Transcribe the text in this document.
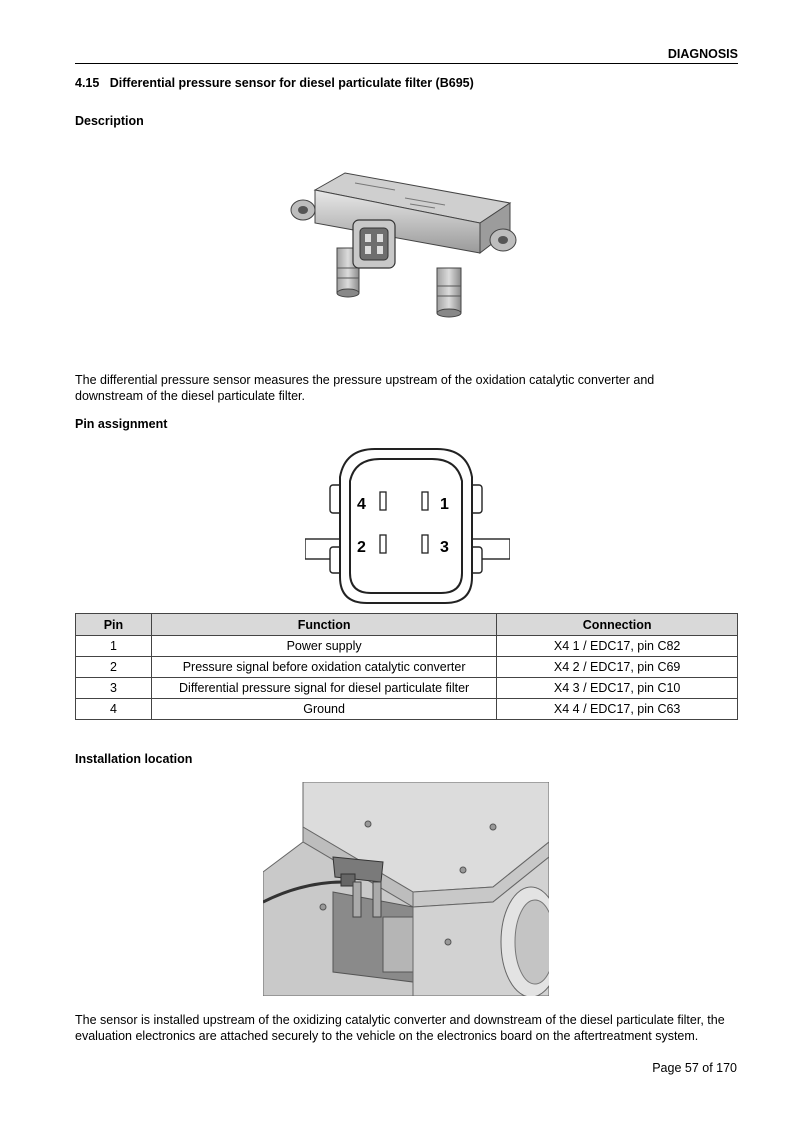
DIAGNOSIS
4.15   Differential pressure sensor for diesel particulate filter (B695)
Description
The differential pressure sensor measures the pressure upstream of the oxidation catalytic converter and downstream of the diesel particulate filter.
Pin assignment
4	1
2	3
Pin	Function	Connection
1	Power supply	X4 1 / EDC17, pin C82
2	Pressure signal before oxidation catalytic converter	X4 2 / EDC17, pin C69
3	Differential pressure signal for diesel particulate filter	X4 3 / EDC17, pin C10
4	Ground	X4 4 / EDC17, pin C63
Installation location
The sensor is installed upstream of the oxidizing catalytic converter and downstream of the diesel particulate filter, the evaluation electronics are attached securely to the vehicle on the electronics board on the aftertreatment system.
Page 57 of 170
